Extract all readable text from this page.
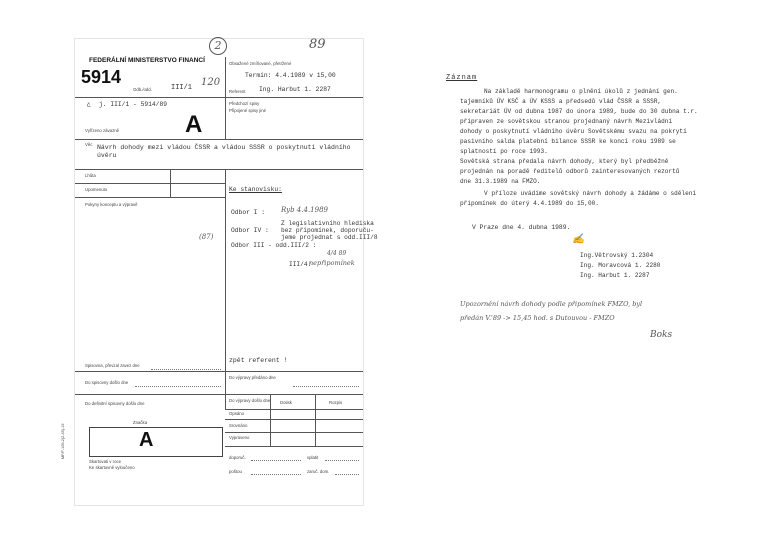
2	89
FEDERÁLNÍ MINISTERSTVO FINANCÍ
5914
Odb./odd.	III/1 120
Obsažené zmíňované, přetržené
Termín: 4.4.1989 v 15,00
Referent Ing. Harbut 1. 2287
č. j. III/1 - 5914/89	Předchozí spisy
Připojené spisy jiné
Vyřízeno závazně	A
Věc Návrh dohody mezi vládou ČSSR a vládou SSSR o poskytnutí vládního
úvěru
Lhůta
Upomenuto
Pokyny konceptu a výpravě
Ke stanovisku:
Odbor I : Ryb 4.4.1989
Z legislativního hlediska
Odbor IV : bez připomínek, doporuču-
jeme projednat s odd.III/8
Odbor III - odd.III/2 :
4/4 89
III/4:
nepřipomínek
(87)
zpět referent !
Spisovna, převzal zavez dne
Do spisovny došlo dne
Do výpravy předáno dne
Do výpravy došlo dne
Do definitní spisovny došlo dne	Dotisk	Rozpis
Opsáno
Srovnáno
Vypraveno
Značka
A
Skartovati v roce
Ke skartovně vyloučeno
doporuč.	vplatit
poštou	zaruč. dom.
MF/F-105-2(2-45)-19
Záznam
Na základě harmonogramu o plnění úkolů z jednání gen.
tajemníků ÚV KSČ a ÚV KSSS a předsedů vlád ČSSR a SSSR,
sekretariát ÚV od dubna 1987 do února 1989, bude do 30 dubna t.r.
připraven ze sovětskou stranou projednaný návrh Mezivládní
dohody o poskytnutí vládního úvěru Sovětskému svazu na pokrytí
pasivního salda platební bilance SSSR ke konci roku 1989 se
splatností po roce 1993.
Sovětská strana předala návrh dohody, který byl předběžně
projednán na poradě ředitelů odborů zainteresovaných rezortů
dne 31.3.1989 na FMZO.
V příloze uvádíme sovětský návrh dohody a žádáme o sdělení
připomínek do úterý 4.4.1989 do 15,00.
V Praze dne 4. dubna 1989.
✍
Ing.Větrovský 1.2304
Ing. Moravcová 1. 2280
Ing. Harbut 1. 2287
Upozornění návrh dohody podle připomínek FMZO, byl
předán V.'89 -> 15,45 hod. s Dutouvou - FMZO
Boks
